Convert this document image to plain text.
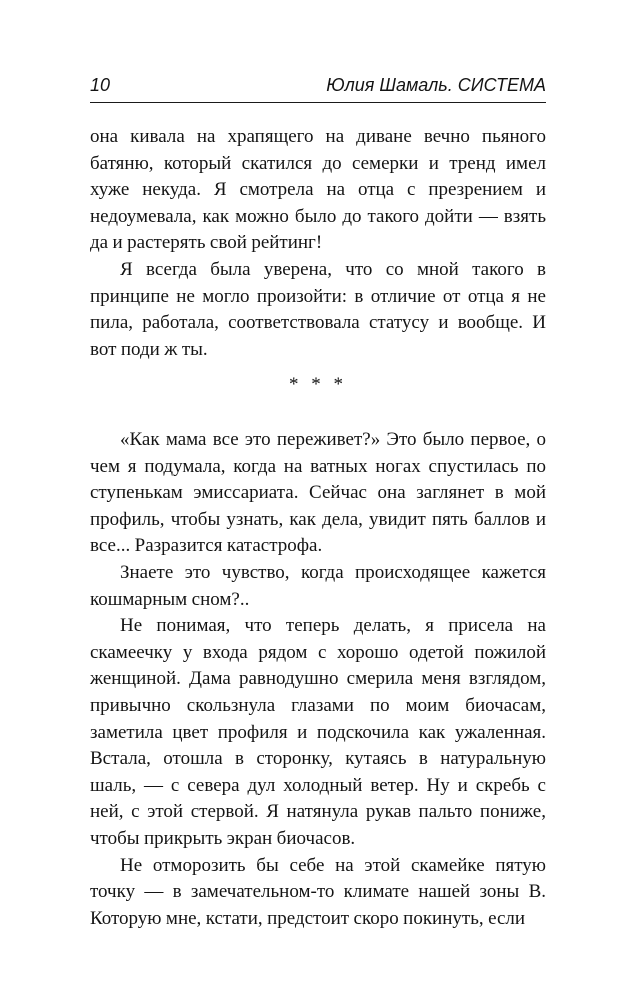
10	Юлия Шамаль. СИСТЕМА

она кивала на храпящего на диване вечно пьяного батяню, который скатился до семерки и тренд имел хуже некуда. Я смотрела на отца с презрением и недоумевала, как можно было до такого дойти — взять да и растерять свой рейтинг!

Я всегда была уверена, что со мной такого в принципе не могло произойти: в отличие от отца я не пила, работала, соответствовала статусу и вообще. И вот поди ж ты.

* * *

«Как мама все это переживет?» Это было первое, о чем я подумала, когда на ватных ногах спустилась по ступенькам эмиссариата. Сейчас она заглянет в мой профиль, чтобы узнать, как дела, увидит пять баллов и все... Разразится катастрофа.

Знаете это чувство, когда происходящее кажется кошмарным сном?..

Не понимая, что теперь делать, я присела на скамеечку у входа рядом с хорошо одетой пожилой женщиной. Дама равнодушно смерила меня взглядом, привычно скользнула глазами по моим биочасам, заметила цвет профиля и подскочила как ужаленная. Встала, отошла в сторонку, кутаясь в натуральную шаль, — с севера дул холодный ветер. Ну и скребь с ней, с этой стервой. Я натянула рукав пальто пониже, чтобы прикрыть экран биочасов.

Не отморозить бы себе на этой скамейке пятую точку — в замечательном-то климате нашей зоны В. Которую мне, кстати, предстоит скоро покинуть, если
